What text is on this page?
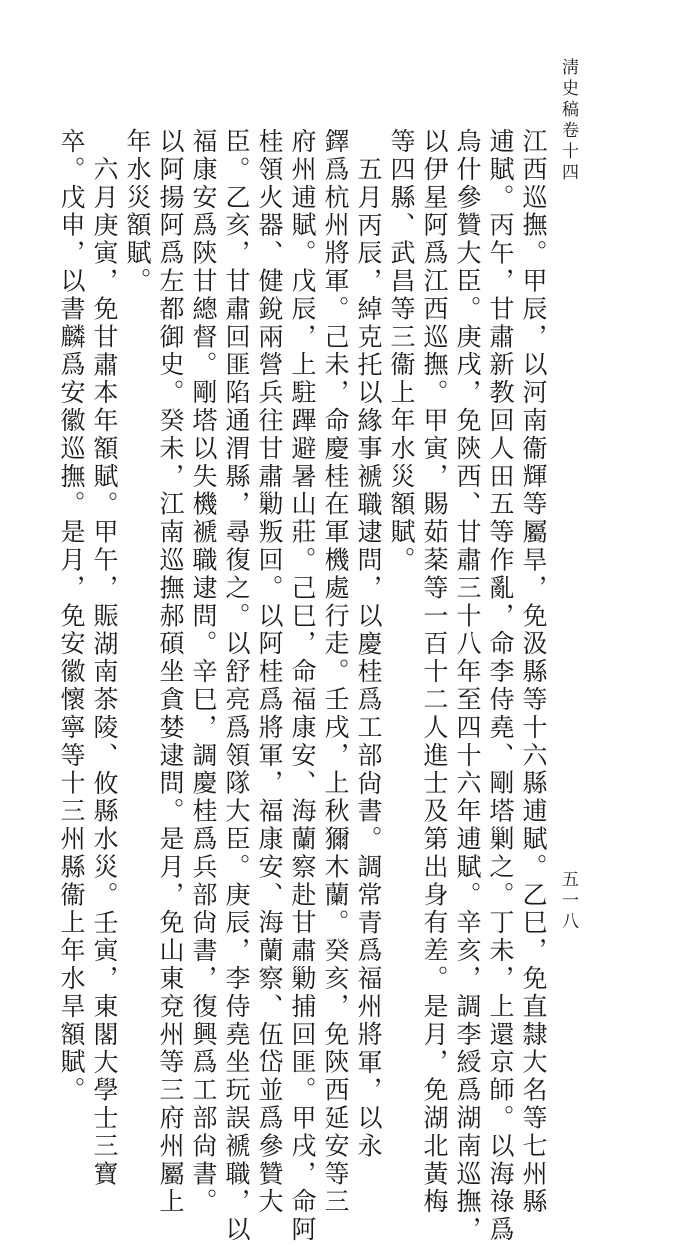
淸史稿卷十四
五一八
江西巡撫。甲辰，以河南衞輝等屬旱，免汲縣等十六縣逋賦。乙巳，免直隸大名等七州縣
逋賦。丙午，甘肅新教回人田五等作亂，命李侍堯、剛塔剿之。丁未，上還京師。以海祿爲
烏什參贊大臣。庚戌，免陝西、甘肅三十八年至四十六年逋賦。辛亥，調李綬爲湖南巡撫，
以伊星阿爲江西巡撫。甲寅，賜茹棻等一百十二人進士及第出身有差。是月，免湖北黃梅
等四縣、武昌等三衞上年水災額賦。
五月丙辰，綽克托以緣事褫職逮問，以慶桂爲工部尙書。調常青爲福州將軍，以永
鐸爲杭州將軍。己未，命慶桂在軍機處行走。壬戌，上秋獮木蘭。癸亥，免陝西延安等三
府州逋賦。戊辰，上駐蹕避暑山莊。己巳，命福康安、海蘭察赴甘肅勦捕回匪。甲戌，命阿
桂領火器、健銳兩營兵往甘肅勦叛回。以阿桂爲將軍，福康安、海蘭察、伍岱並爲參贊大
臣。乙亥，甘肅回匪陷通渭縣，尋復之。以舒亮爲領隊大臣。庚辰，李侍堯坐玩誤褫職，以
福康安爲陝甘總督。剛塔以失機褫職逮問。辛巳，調慶桂爲兵部尙書，復興爲工部尙書。
以阿揚阿爲左都御史。癸未，江南巡撫郝碩坐貪婪逮問。是月，免山東兗州等三府州屬上
年水災額賦。
六月庚寅，免甘肅本年額賦。甲午，賑湖南茶陵、攸縣水災。壬寅，東閣大學士三寶
卒。戊申，以書麟爲安徽巡撫。是月，免安徽懷寧等十三州縣衞上年水旱額賦。
